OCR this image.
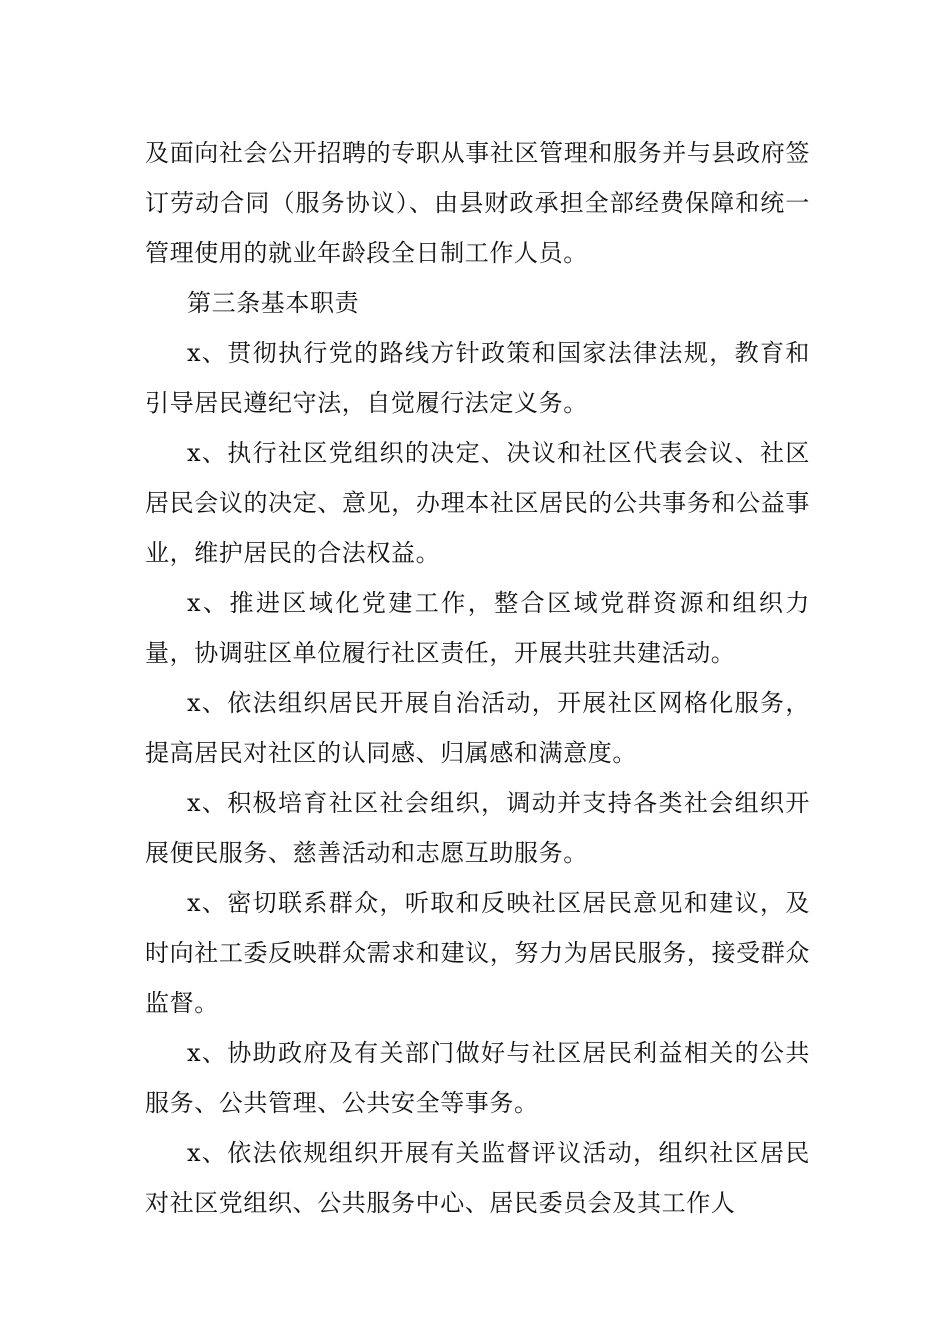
及面向社会公开招聘的专职从事社区管理和服务并与县政府签订劳动合同（服务协议）、由县财政承担全部经费保障和统一管理使用的就业年龄段全日制工作人员。

第三条基本职责

x、贯彻执行党的路线方针政策和国家法律法规，教育和引导居民遵纪守法，自觉履行法定义务。

x、执行社区党组织的决定、决议和社区代表会议、社区居民会议的决定、意见，办理本社区居民的公共事务和公益事业，维护居民的合法权益。

x、推进区域化党建工作，整合区域党群资源和组织力量，协调驻区单位履行社区责任，开展共驻共建活动。

x、依法组织居民开展自治活动，开展社区网格化服务，提高居民对社区的认同感、归属感和满意度。

x、积极培育社区社会组织，调动并支持各类社会组织开展便民服务、慈善活动和志愿互助服务。

x、密切联系群众，听取和反映社区居民意见和建议，及时向社工委反映群众需求和建议，努力为居民服务，接受群众监督。

x、协助政府及有关部门做好与社区居民利益相关的公共服务、公共管理、公共安全等事务。

x、依法依规组织开展有关监督评议活动，组织社区居民对社区党组织、公共服务中心、居民委员会及其工作人
